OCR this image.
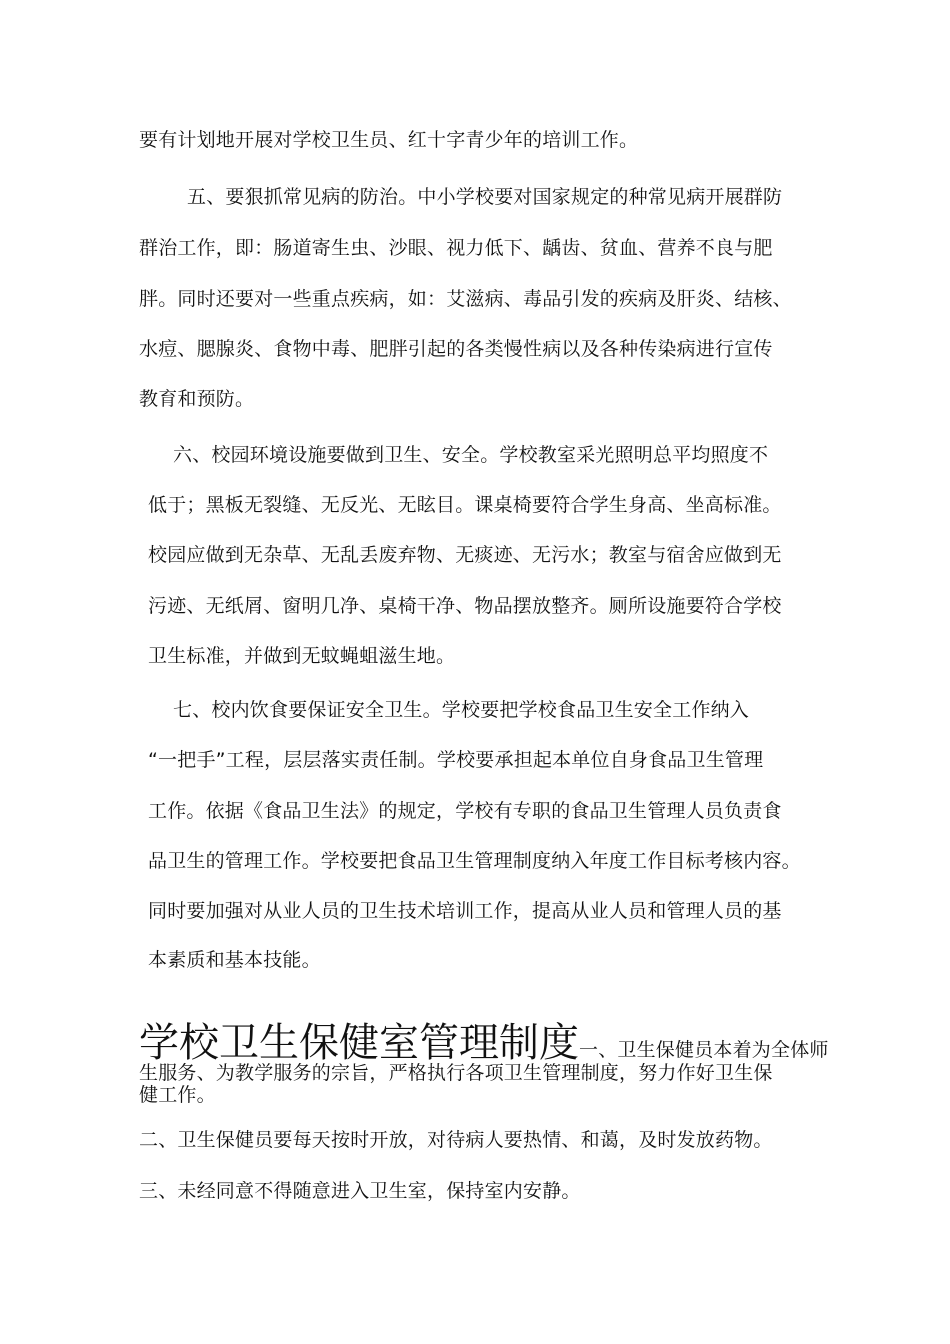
要有计划地开展对学校卫生员、红十字青少年的培训工作。
五、要狠抓常见病的防治。中小学校要对国家规定的种常见病开展群防
群治工作，即：肠道寄生虫、沙眼、视力低下、龋齿、贫血、营养不良与肥
胖。同时还要对一些重点疾病，如：艾滋病、毒品引发的疾病及肝炎、结核、
水痘、腮腺炎、食物中毒、肥胖引起的各类慢性病以及各种传染病进行宣传
教育和预防。
六、校园环境设施要做到卫生、安全。学校教室采光照明总平均照度不
低于；黑板无裂缝、无反光、无眩目。课桌椅要符合学生身高、坐高标准。
校园应做到无杂草、无乱丢废弃物、无痰迹、无污水；教室与宿舍应做到无
污迹、无纸屑、窗明几净、桌椅干净、物品摆放整齐。厕所设施要符合学校
卫生标准，并做到无蚊蝇蛆滋生地。
七、校内饮食要保证安全卫生。学校要把学校食品卫生安全工作纳入
“一把手”工程，层层落实责任制。学校要承担起本单位自身食品卫生管理
工作。依据《食品卫生法》的规定，学校有专职的食品卫生管理人员负责食
品卫生的管理工作。学校要把食品卫生管理制度纳入年度工作目标考核内容。
同时要加强对从业人员的卫生技术培训工作，提高从业人员和管理人员的基
本素质和基本技能。
学校卫生保健室管理制度一、卫生保健员本着为全体师
生服务、为教学服务的宗旨，严格执行各项卫生管理制度，努力作好卫生保
健工作。
二、卫生保健员要每天按时开放，对待病人要热情、和蔼，及时发放药物。
三、未经同意不得随意进入卫生室，保持室内安静。
